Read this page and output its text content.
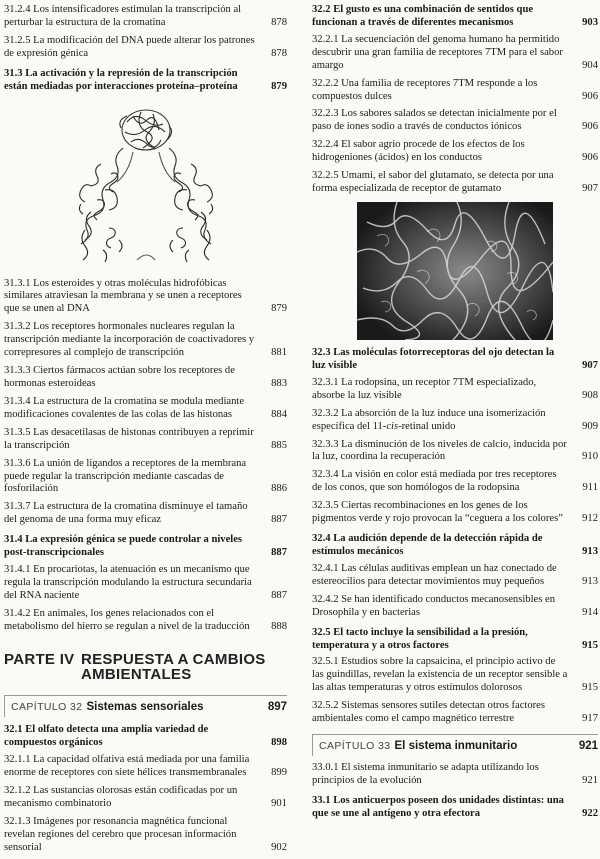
31.2.4 Los intensificadores estimulan la transcripción al perturbar la estructura de la cromatina	878
31.2.5 La modificación del DNA puede alterar los patrones de expresión génica	878
31.3 La activación y la represión de la transcripción están mediadas por interacciones proteína–proteína	879
31.3.1 Los esteroides y otras moléculas hidrofóbicas similares atraviesan la membrana y se unen a receptores que se unen al DNA	879
31.3.2 Los receptores hormonales nucleares regulan la transcripción mediante la incorporación de coactivadores y correpresores al complejo de transcripción	881
31.3.3 Ciertos fármacos actúan sobre los receptores de hormonas esteroideas	883
31.3.4 La estructura de la cromatina se modula mediante modificaciones covalentes de las colas de las histonas	884
31.3.5 Las desacetilasas de histonas contribuyen a reprimir la transcripción	885
31.3.6 La unión de ligandos a receptores de la membrana puede regular la transcripción mediante cascadas de fosforilación	886
31.3.7 La estructura de la cromatina disminuye el tamaño del genoma de una forma muy eficaz	887
31.4 La expresión génica se puede controlar a niveles post-transcripcionales	887
31.4.1 En procariotas, la atenuación es un mecanismo que regula la transcripción modulando la estructura secundaria del RNA naciente	887
31.4.2 En animales, los genes relacionados con el metabolismo del hierro se regulan a nivel de la traducción	888
PARTE IV RESPUESTA A CAMBIOS
AMBIENTALES
CAPÍTULO 32 Sistemas sensoriales	897
32.1 El olfato detecta una amplia variedad de compuestos orgánicos	898
32.1.1 La capacidad olfativa está mediada por una familia enorme de receptores con siete hélices transmembranales	899
32.1.2 Las sustancias olorosas están codificadas por un mecanismo combinatorio	901
32.1.3 Imágenes por resonancia magnética funcional revelan regiones del cerebro que procesan información sensorial	902
32.2 El gusto es una combinación de sentidos que funcionan a través de diferentes mecanismos	903
32.2.1 La secuenciación del genoma humano ha permitido descubrir una gran familia de receptores 7TM para el sabor amargo	904
32.2.2 Una familia de receptores 7TM responde a los compuestos dulces	906
32.2.3 Los sabores salados se detectan inicialmente por el paso de iones sodio a través de conductos iónicos	906
32.2.4 El sabor agrio procede de los efectos de los hidrogeniones (ácidos) en los conductos	906
32.2.5 Umami, el sabor del glutamato, se detecta por una forma especializada de receptor de gutamato	907
32.3 Las moléculas fotorreceptoras del ojo detectan la luz visible	907
32.3.1 La rodopsina, un receptor 7TM especializado, absorbe la luz visible	908
32.3.2 La absorción de la luz induce una isomerización específica del 11-cis-retinal unido	909
32.3.3 La disminución de los niveles de calcio, inducida por la luz, coordina la recuperación	910
32.3.4 La visión en color está mediada por tres receptores de los conos, que son homólogos de la rodopsina	911
32.3.5 Ciertas recombinaciones en los genes de los pigmentos verde y rojo provocan la “ceguera a los colores”	912
32.4 La audición depende de la detección rápida de estímulos mecánicos	913
32.4.1 Las células auditivas emplean un haz conectado de estereocilios para detectar movimientos muy pequeños	913
32.4.2 Se han identificado conductos mecanosensibles en Drosophila y en bacterias	914
32.5 El tacto incluye la sensibilidad a la presión, temperatura y a otros factores	915
32.5.1 Estudios sobre la capsaicina, el principio activo de las guindillas, revelan la existencia de un receptor sensible a las altas temperaturas y otros estímulos dolorosos	915
32.5.2 Sistemas sensores sutiles detectan otros factores ambientales como el campo magnético terrestre	917
CAPÍTULO 33 El sistema inmunitario	921
33.0.1 El sistema inmunitario se adapta utilizando los principios de la evolución	921
33.1 Los anticuerpos poseen dos unidades distintas: una que se une al antígeno y otra efectora	922
